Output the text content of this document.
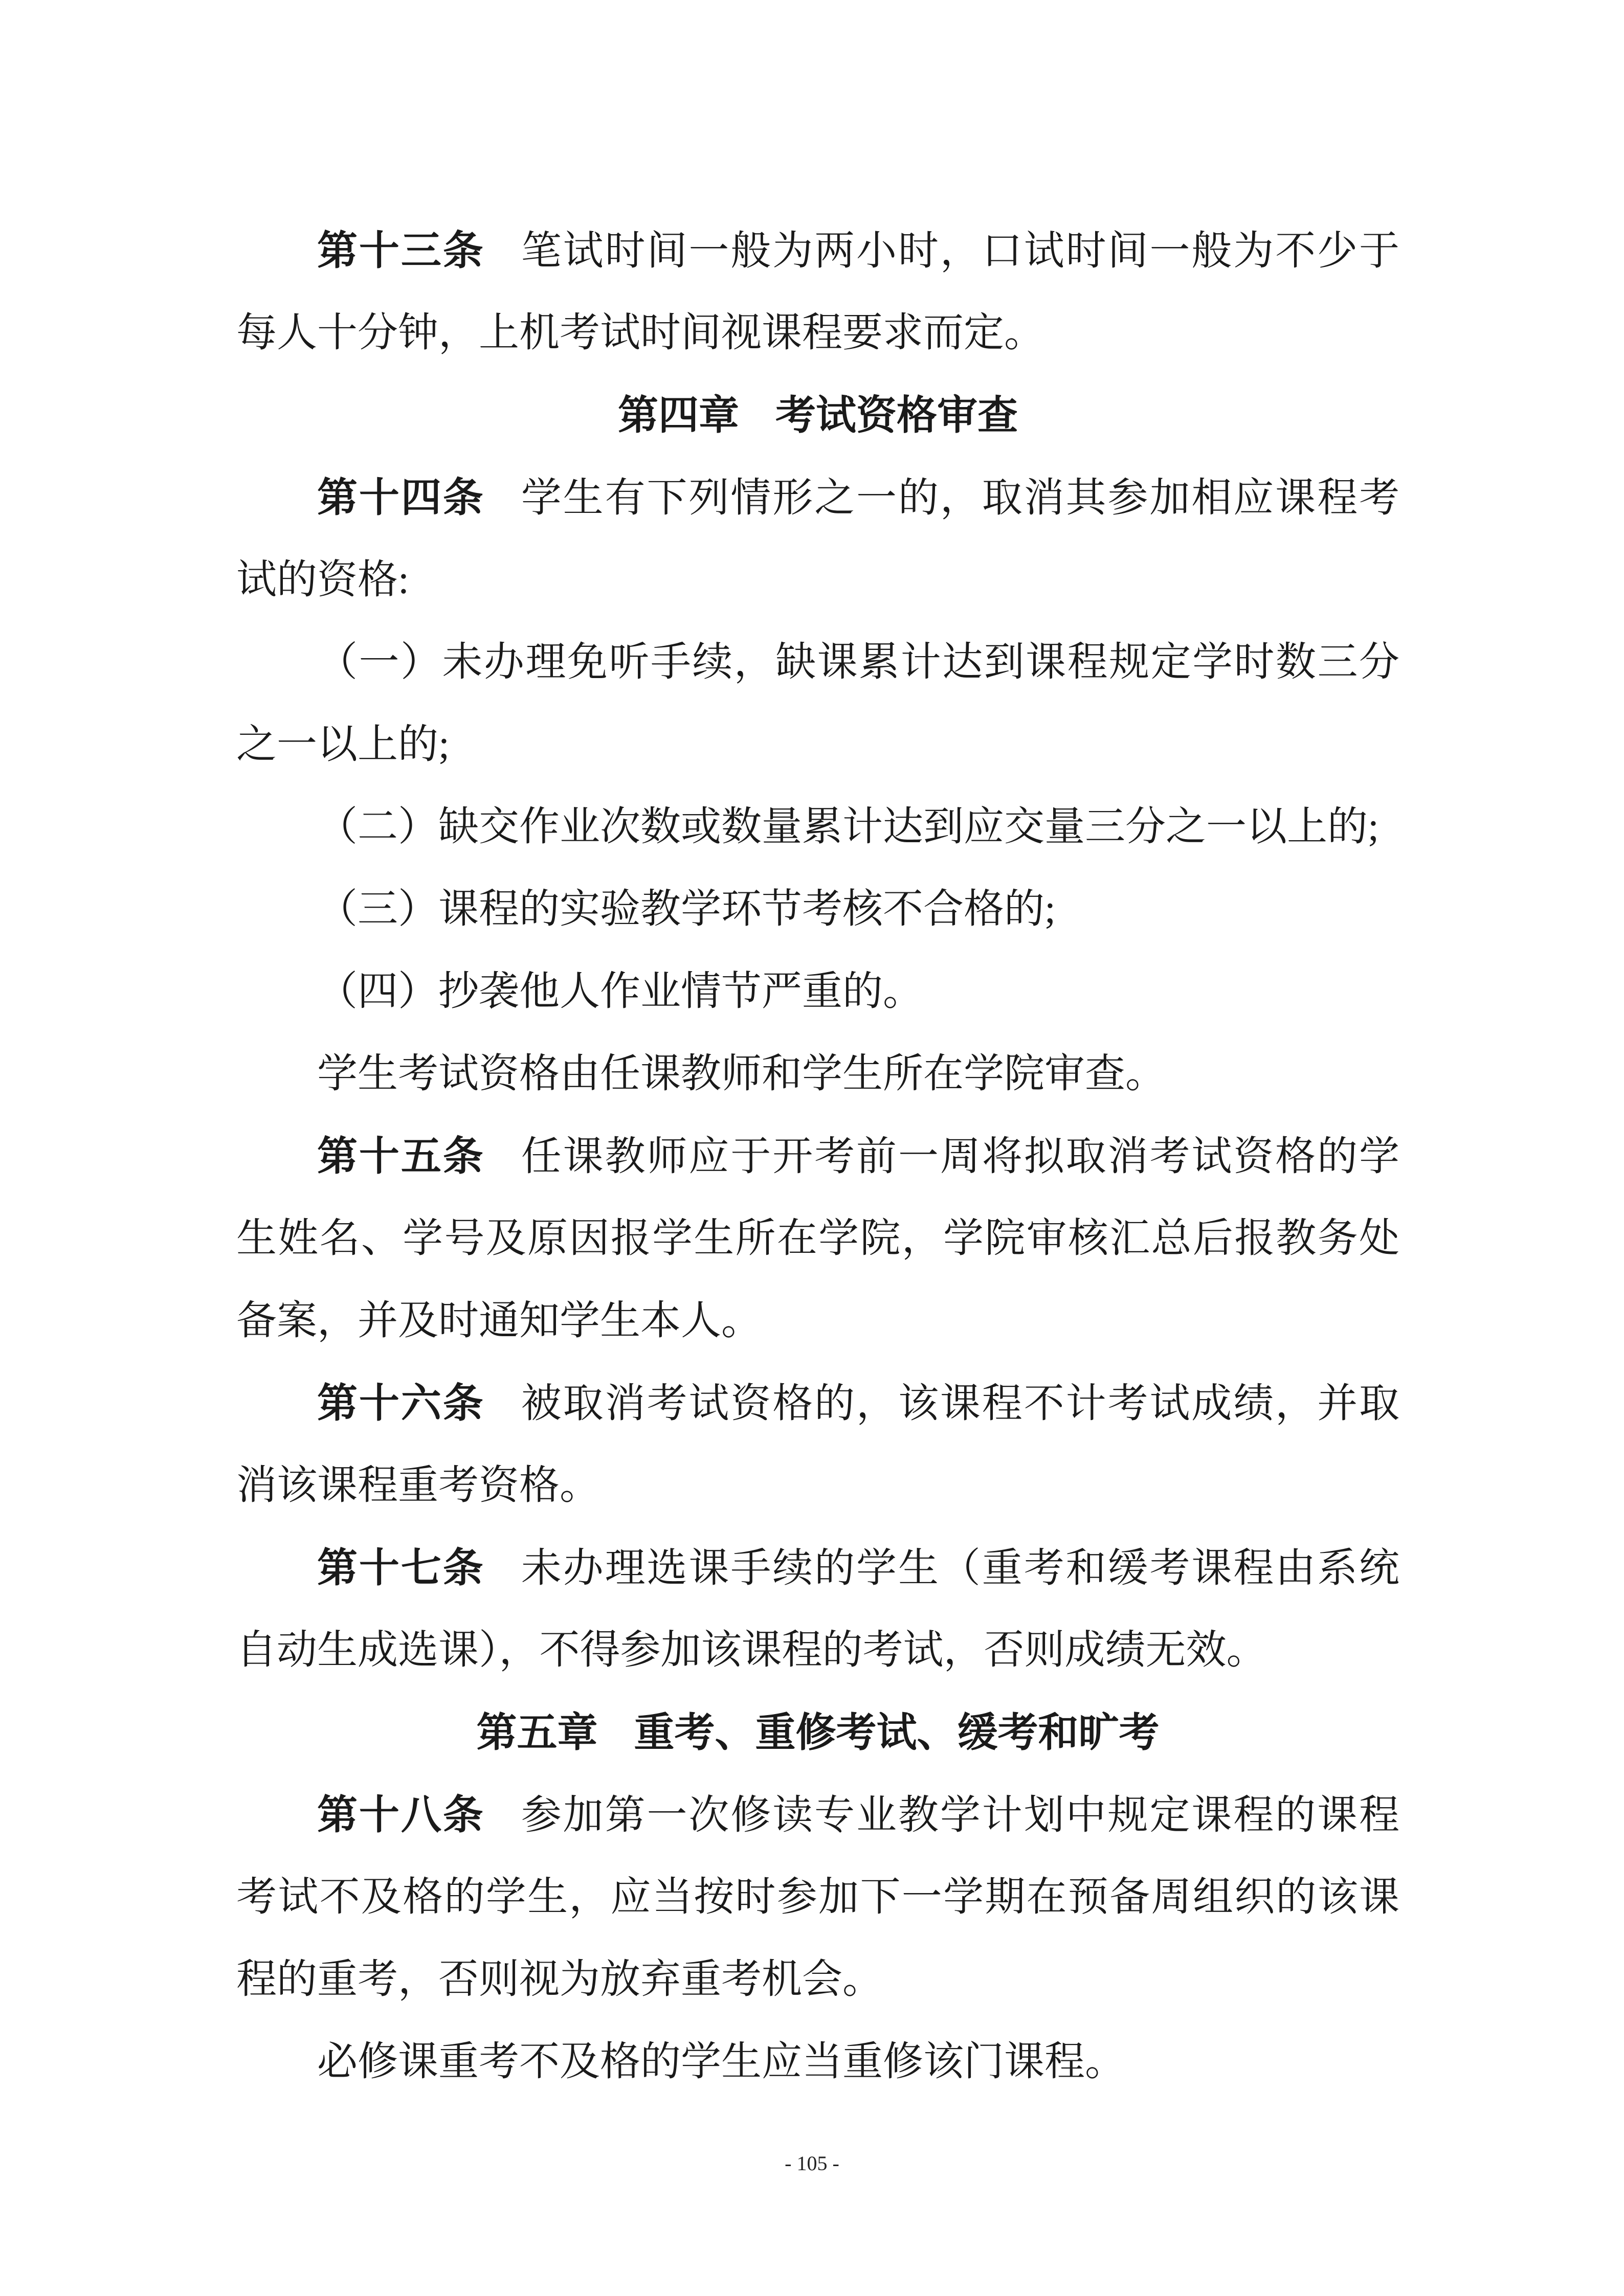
第十三条 笔试时间一般为两小时，口试时间一般为不少于
每人十分钟，上机考试时间视课程要求而定。
第四章 考试资格审查
第十四条 学生有下列情形之一的，取消其参加相应课程考
试的资格:
（一）未办理免听手续，缺课累计达到课程规定学时数三分
之一以上的;
（二）缺交作业次数或数量累计达到应交量三分之一以上的;
（三）课程的实验教学环节考核不合格的;
（四）抄袭他人作业情节严重的。
学生考试资格由任课教师和学生所在学院审查。
第十五条 任课教师应于开考前一周将拟取消考试资格的学
生姓名、学号及原因报学生所在学院，学院审核汇总后报教务处
备案，并及时通知学生本人。
第十六条 被取消考试资格的，该课程不计考试成绩，并取
消该课程重考资格。
第十七条 未办理选课手续的学生（重考和缓考课程由系统
自动生成选课），不得参加该课程的考试，否则成绩无效。
第五章 重考、重修考试、缓考和旷考
第十八条 参加第一次修读专业教学计划中规定课程的课程
考试不及格的学生，应当按时参加下一学期在预备周组织的该课
程的重考，否则视为放弃重考机会。
必修课重考不及格的学生应当重修该门课程。
- 105 -
